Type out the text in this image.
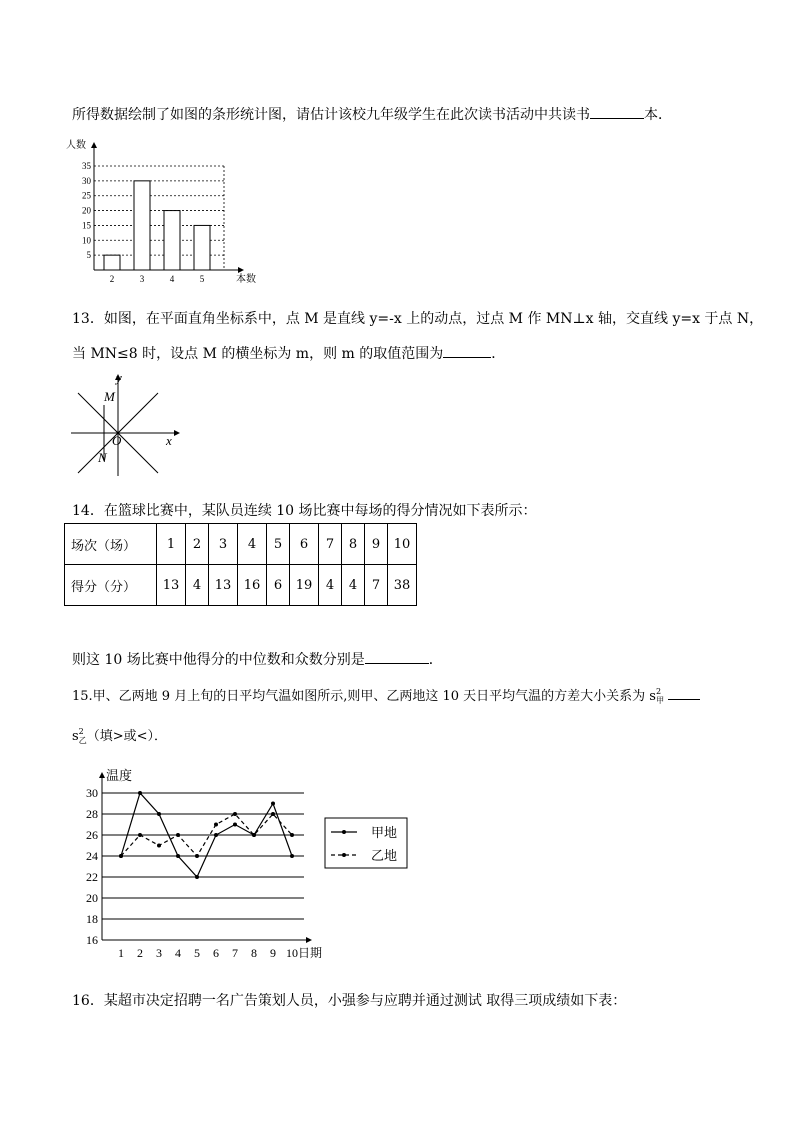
所得数据绘制了如图的条形统计图，请估计该校九年级学生在此次读书活动中共读书	本．
人数
5
10
15
20
25
30
35
2	3	4	5	本数
13．如图，在平面直角坐标系中，点 M 是直线 y=-x 上的动点，过点 M 作 MN⊥x 轴，交直线 y=x 于点 N，
当 MN≤8 时，设点 M 的横坐标为 m，则 m 的取值范围为	．
y
x
O
M
N
14．在篮球比赛中，某队员连续 10 场比赛中每场的得分情况如下表所示：
场次（场）	1	2	3	4	5	6	7	8	9	10
得分（分）	13	4	13	16	6	19	4	4	7	38
则这 10 场比赛中他得分的中位数和众数分别是	．
15.甲、乙两地 9 月上旬的日平均气温如图所示,则甲、乙两地这 10 天日平均气温的方差大小关系为 $s^2_甲$
$s^2_乙$（填>或<）．
温度
16
18
20
22
24
26
28
30
1 2 3 4 5 6 7 8 9 10 日期
甲地
乙地
16．某超市决定招聘一名广告策划人员，小强参与应聘并通过测试 取得三项成绩如下表：
